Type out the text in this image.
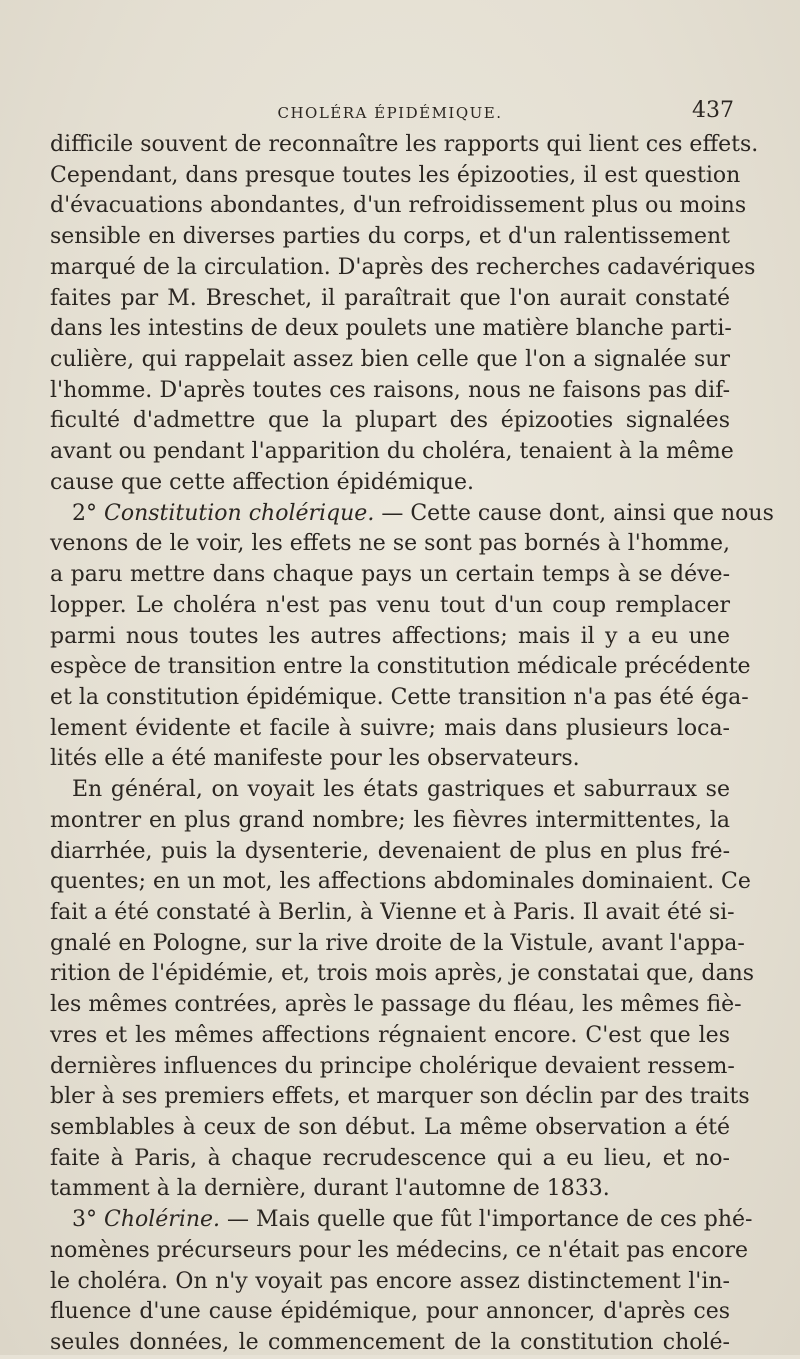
CHOLÉRA ÉPIDÉMIQUE.	437
difficile souvent de reconnaître les rapports qui lient ces effets.
Cependant, dans presque toutes les épizooties, il est question
d'évacuations abondantes, d'un refroidissement plus ou moins
sensible en diverses parties du corps, et d'un ralentissement
marqué de la circulation. D'après des recherches cadavériques
faites par M. Breschet, il paraîtrait que l'on aurait constaté
dans les intestins de deux poulets une matière blanche parti-
culière, qui rappelait assez bien celle que l'on a signalée sur
l'homme. D'après toutes ces raisons, nous ne faisons pas dif-
ficulté d'admettre que la plupart des épizooties signalées
avant ou pendant l'apparition du choléra, tenaient à la même
cause que cette affection épidémique.
2° Constitution cholérique. — Cette cause dont, ainsi que nous
venons de le voir, les effets ne se sont pas bornés à l'homme,
a paru mettre dans chaque pays un certain temps à se déve-
lopper. Le choléra n'est pas venu tout d'un coup remplacer
parmi nous toutes les autres affections; mais il y a eu une
espèce de transition entre la constitution médicale précédente
et la constitution épidémique. Cette transition n'a pas été éga-
lement évidente et facile à suivre; mais dans plusieurs loca-
lités elle a été manifeste pour les observateurs.
En général, on voyait les états gastriques et saburraux se
montrer en plus grand nombre; les fièvres intermittentes, la
diarrhée, puis la dysenterie, devenaient de plus en plus fré-
quentes; en un mot, les affections abdominales dominaient. Ce
fait a été constaté à Berlin, à Vienne et à Paris. Il avait été si-
gnalé en Pologne, sur la rive droite de la Vistule, avant l'appa-
rition de l'épidémie, et, trois mois après, je constatai que, dans
les mêmes contrées, après le passage du fléau, les mêmes fiè-
vres et les mêmes affections régnaient encore. C'est que les
dernières influences du principe cholérique devaient ressem-
bler à ses premiers effets, et marquer son déclin par des traits
semblables à ceux de son début. La même observation a été
faite à Paris, à chaque recrudescence qui a eu lieu, et no-
tamment à la dernière, durant l'automne de 1833.
3° Cholérine. — Mais quelle que fût l'importance de ces phé-
nomènes précurseurs pour les médecins, ce n'était pas encore
le choléra. On n'y voyait pas encore assez distinctement l'in-
fluence d'une cause épidémique, pour annoncer, d'après ces
seules données, le commencement de la constitution cholé-
